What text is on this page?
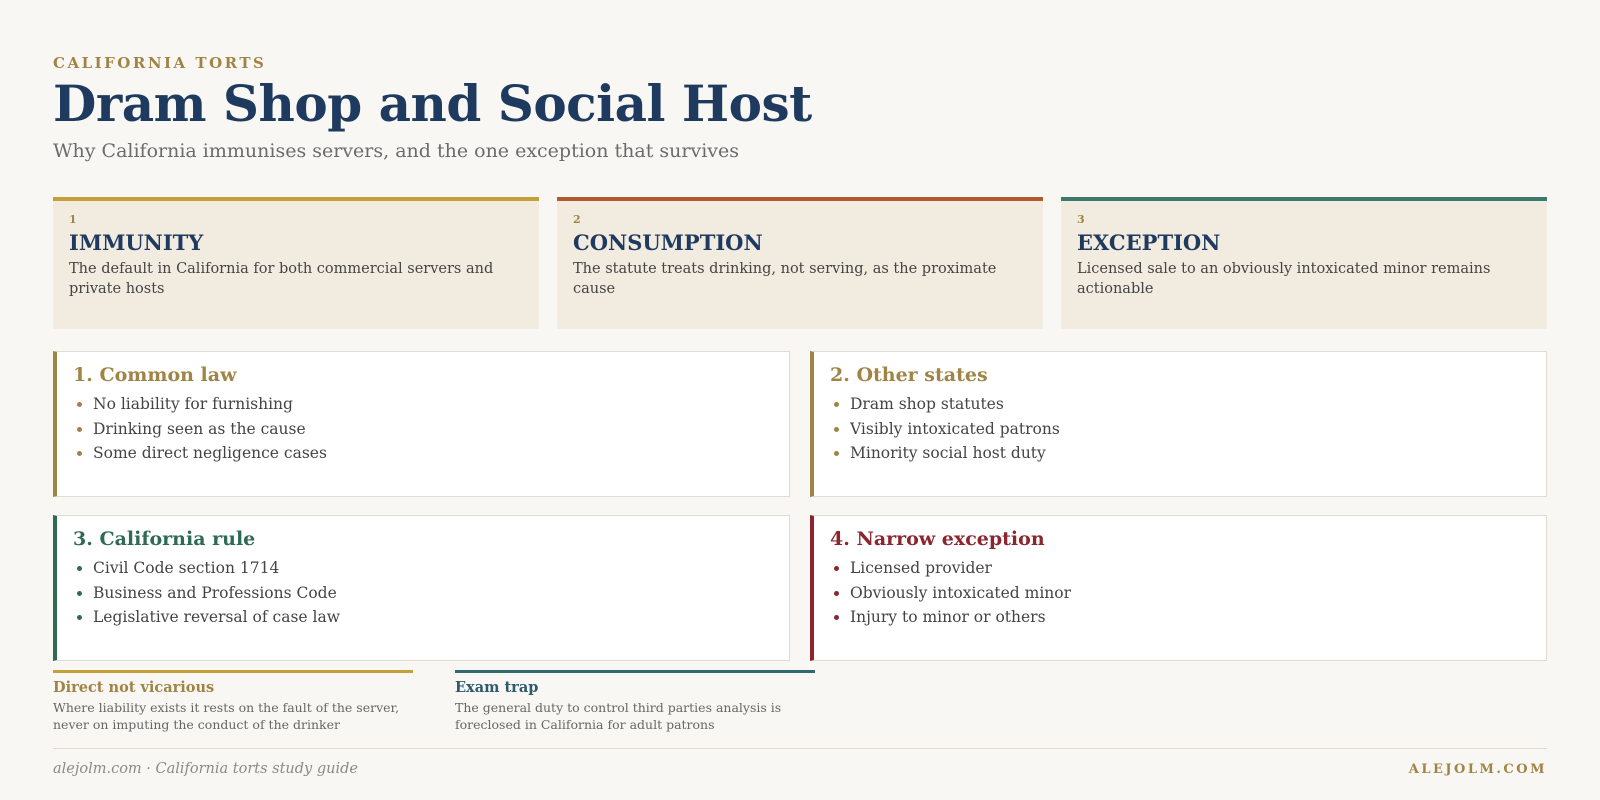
CALIFORNIA TORTS
Dram Shop and Social Host
Why California immunises servers, and the one exception that survives
1
IMMUNITY
The default in California for both commercial servers and private hosts
2
CONSUMPTION
The statute treats drinking, not serving, as the proximate cause
3
EXCEPTION
Licensed sale to an obviously intoxicated minor remains actionable
1. Common law
No liability for furnishing
Drinking seen as the cause
Some direct negligence cases
2. Other states
Dram shop statutes
Visibly intoxicated patrons
Minority social host duty
3. California rule
Civil Code section 1714
Business and Professions Code
Legislative reversal of case law
4. Narrow exception
Licensed provider
Obviously intoxicated minor
Injury to minor or others
Direct not vicarious
Where liability exists it rests on the fault of the server, never on imputing the conduct of the drinker
Exam trap
The general duty to control third parties analysis is foreclosed in California for adult patrons
alejolm.com · California torts study guide	ALEJOLM.COM
